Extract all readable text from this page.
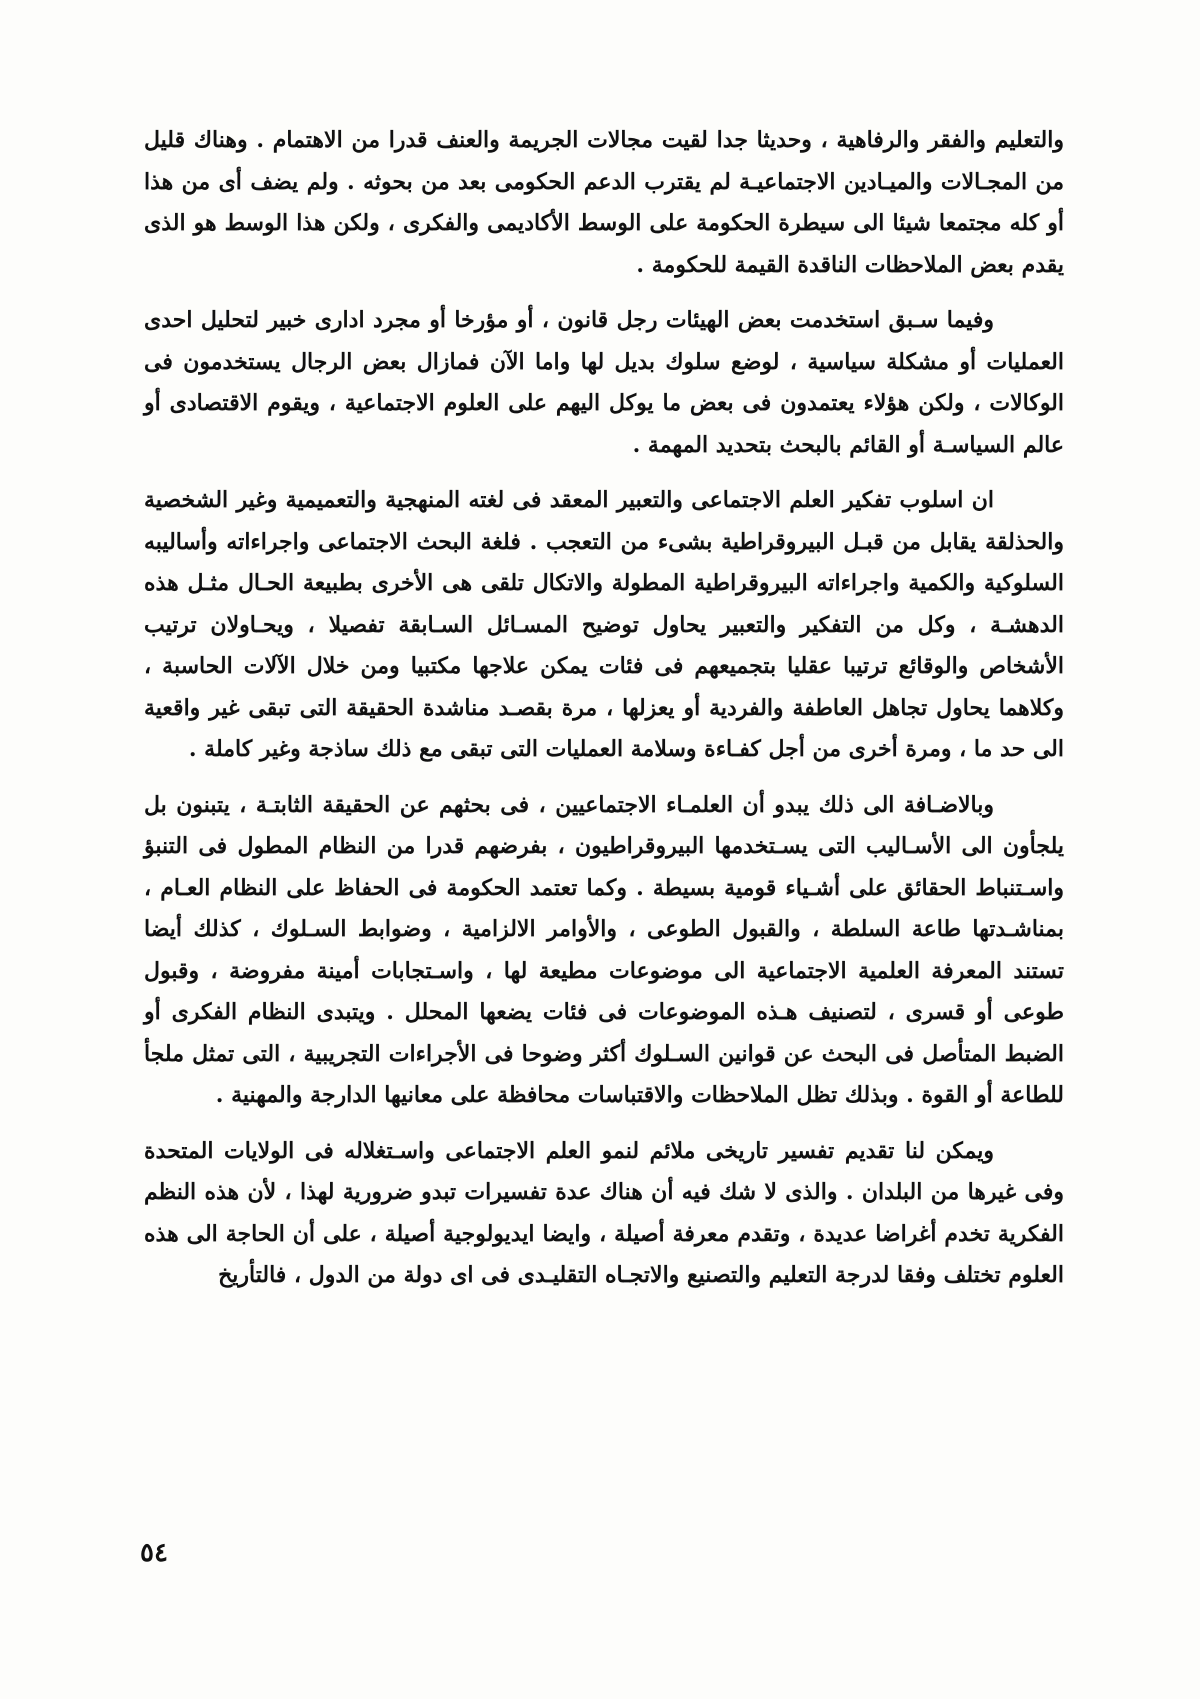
والتعليم والفقر والرفاهية ، وحديثا جدا لقيت مجالات الجريمة والعنف قدرا من الاهتمام . وهناك قليل من المجـالات والميـادين الاجتماعيـة لم يقترب الدعم الحكومى بعد من بحوثه . ولم يضف أى من هذا أو كله مجتمعا شيئا الى سيطرة الحكومة على الوسط الأكاديمى والفكرى ، ولكن هذا الوسط هو الذى يقدم بعض الملاحظات الناقدة القيمة للحكومة .

وفيما سـبق استخدمت بعض الهيئات رجل قانون ، أو مؤرخا أو مجرد ادارى خبير لتحليل احدى العمليات أو مشكلة سياسية ، لوضع سلوك بديل لها واما الآن فمازال بعض الرجال يستخدمون فى الوكالات ، ولكن هؤلاء يعتمدون فى بعض ما يوكل اليهم على العلوم الاجتماعية ، ويقوم الاقتصادى أو عالم السياسـة أو القائم بالبحث بتحديد المهمة .

ان اسلوب تفكير العلم الاجتماعى والتعبير المعقد فى لغته المنهجية والتعميمية وغير الشخصية والحذلقة يقابل من قبـل البيروقراطية بشىء من التعجب . فلغة البحث الاجتماعى واجراءاته وأساليبه السلوكية والكمية واجراءاته البيروقراطية المطولة والاتكال تلقى هى الأخرى بطبيعة الحـال مثـل هذه الدهشـة ، وكل من التفكير والتعبير يحاول توضيح المسـائل السـابقة تفصيلا ، ويحـاولان ترتيب الأشخاص والوقائع ترتيبا عقليا بتجميعهم فى فئات يمكن علاجها مكتبيا ومن خلال الآلات الحاسبة ، وكلاهما يحاول تجاهل العاطفة والفردية أو يعزلها ، مرة بقصـد مناشدة الحقيقة التى تبقى غير واقعية الى حد ما ، ومرة أخرى من أجل كفـاءة وسلامة العمليات التى تبقى مع ذلك ساذجة وغير كاملة .

وبالاضـافة الى ذلك يبدو أن العلمـاء الاجتماعيين ، فى بحثهم عن الحقيقة الثابتـة ، يتبنون بل يلجأون الى الأسـاليب التى يسـتخدمها البيروقراطيون ، بفرضهم قدرا من النظام المطول فى التنبؤ واسـتنباط الحقائق على أشـياء قومية بسيطة . وكما تعتمد الحكومة فى الحفاظ على النظام العـام ، بمناشـدتها طاعة السلطة ، والقبول الطوعى ، والأوامر الالزامية ، وضوابط السـلوك ، كذلك أيضا تستند المعرفة العلمية الاجتماعية الى موضوعات مطيعة لها ، واسـتجابات أمينة مفروضة ، وقبول طوعى أو قسرى ، لتصنيف هـذه الموضوعات فى فئات يضعها المحلل . ويتبدى النظام الفكرى أو الضبط المتأصل فى البحث عن قوانين السـلوك أكثر وضوحا فى الأجراءات التجريبية ، التى تمثل ملجأ للطاعة أو القوة . وبذلك تظل الملاحظات والاقتباسات محافظة على معانيها الدارجة والمهنية .

ويمكن لنا تقديم تفسير تاريخى ملائم لنمو العلم الاجتماعى واسـتغلاله فى الولايات المتحدة وفى غيرها من البلدان . والذى لا شك فيه أن هناك عدة تفسيرات تبدو ضرورية لهذا ، لأن هذه النظم الفكرية تخدم أغراضا عديدة ، وتقدم معرفة أصيلة ، وايضا ايديولوجية أصيلة ، على أن الحاجة الى هذه العلوم تختلف وفقا لدرجة التعليم والتصنيع والاتجـاه التقليـدى فى اى دولة من الدول ، فالتأريخ

٥٤
